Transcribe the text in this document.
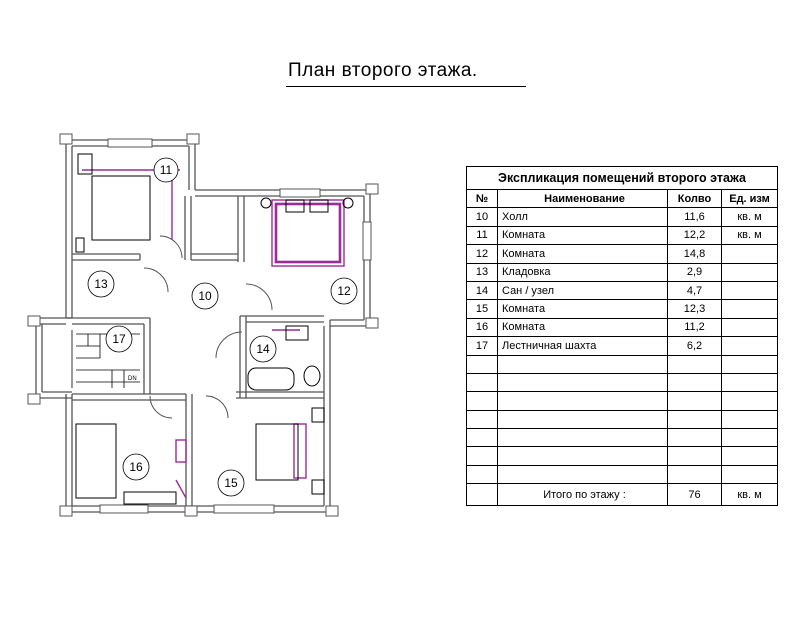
План второго этажа.
DN
11
10	12
13
17
14
16
15
Экспликация помещений второго этажа			
№	Наименование	Колво	Ед. изм
10	Холл	11,6	кв. м
11	Комната	12,2	кв. м
12	Комната	14,8	
13	Кладовка	2,9	
14	Сан / узел	4,7	
15	Комната	12,3	
16	Комната	11,2	
17	Лестничная шахта	6,2	

	Итого по этажу :	76	кв. м
